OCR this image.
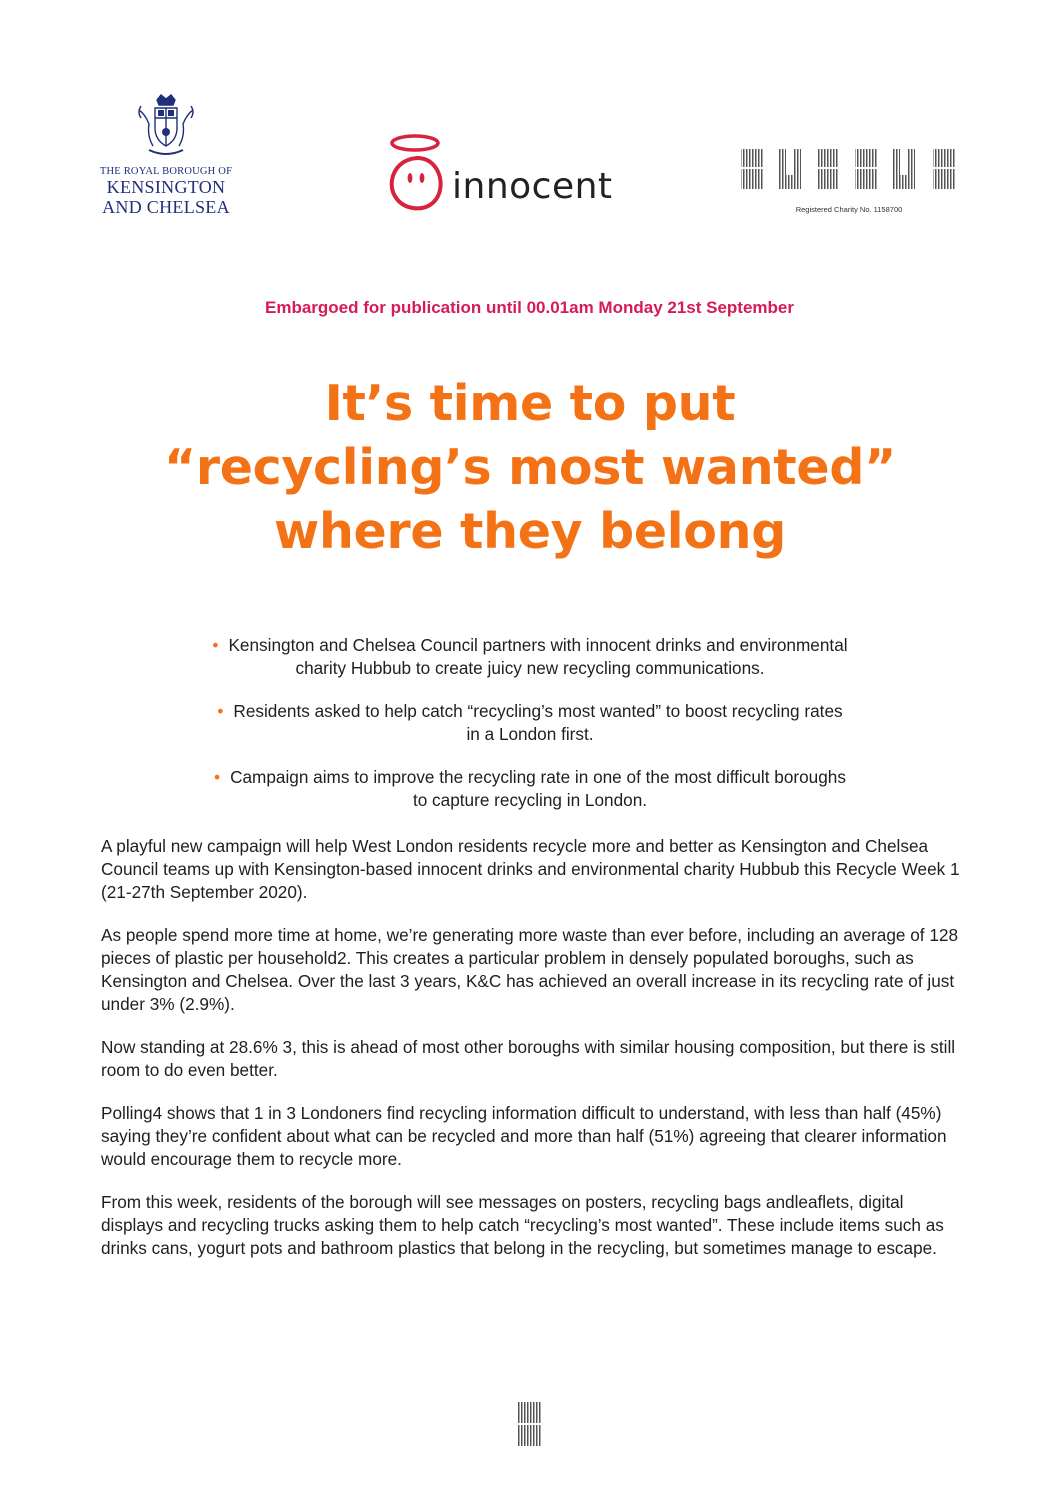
THE ROYAL BOROUGH OF
KENSINGTON
AND CHELSEA	innocent
Registered Charity No. 1158700
Embargoed for publication until 00.01am Monday 21st September
It’s time to put
“recycling’s most wanted”
where they belong
• Kensington and Chelsea Council partners with innocent drinks and environmental
charity Hubbub to create juicy new recycling communications.
• Residents asked to help catch “recycling’s most wanted” to boost recycling rates
in a London first.
• Campaign aims to improve the recycling rate in one of the most difficult boroughs
to capture recycling in London.

A playful new campaign will help West London residents recycle more and better as Kensington and Chelsea Council teams up with Kensington-based innocent drinks and environmental charity Hubbub this Recycle Week 1 (21-27th September 2020).

As people spend more time at home, we’re generating more waste than ever before, including an average of 128 pieces of plastic per household2. This creates a particular problem in densely populated boroughs, such as Kensington and Chelsea. Over the last 3 years, K&C has achieved an overall increase in its recycling rate of just under 3% (2.9%).

Now standing at 28.6% 3, this is ahead of most other boroughs with similar housing composition, but there is still room to do even better.

Polling4 shows that 1 in 3 Londoners find recycling information difficult to understand, with less than half (45%) saying they’re confident about what can be recycled and more than half (51%) agreeing that clearer information would encourage them to recycle more.

From this week, residents of the borough will see messages on posters, recycling bags andleaflets, digital displays and recycling trucks asking them to help catch “recycling’s most wanted”. These include items such as drinks cans, yogurt pots and bathroom plastics that belong in the recycling, but sometimes manage to escape.
